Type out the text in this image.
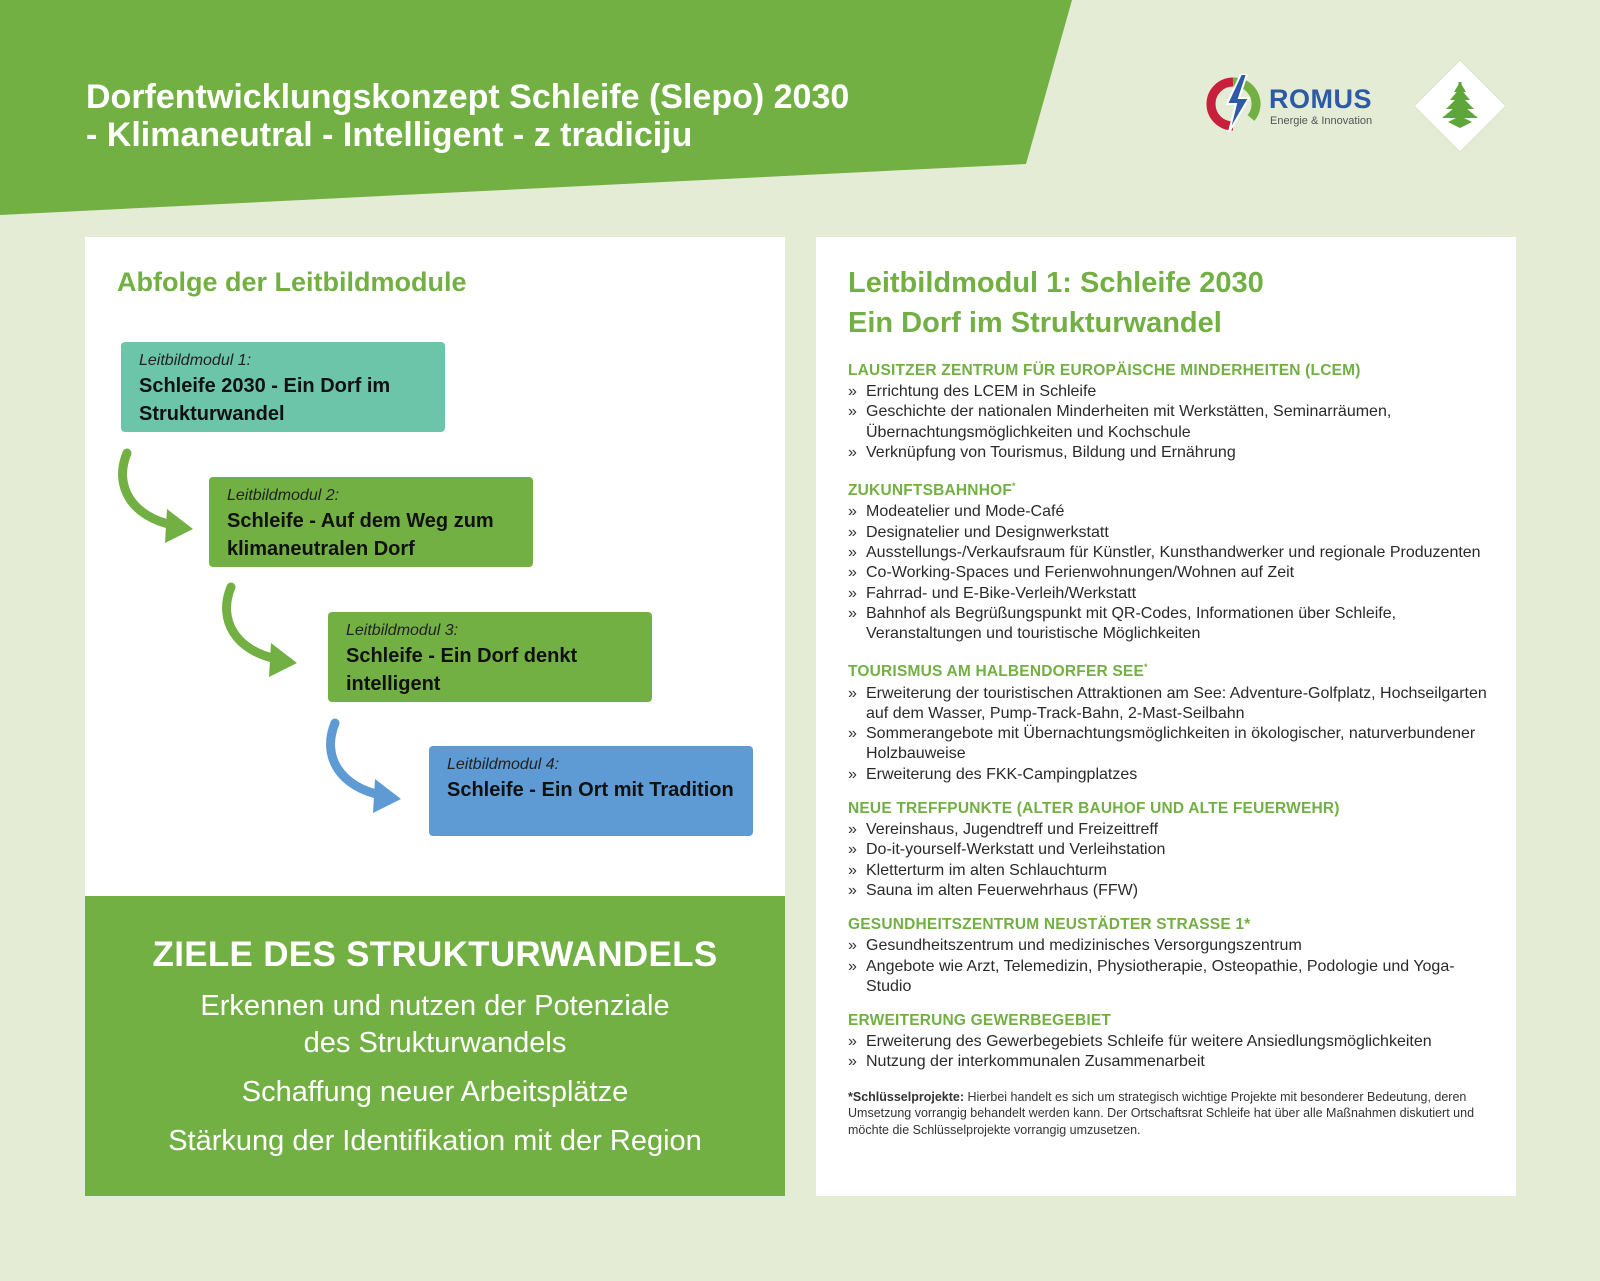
Dorfentwicklungskonzept Schleife (Slepo) 2030
- Klimaneutral - Intelligent - z tradiciju
ROMUS
Energie & Innovation
Abfolge der Leitbildmodule
Leitbildmodul 1:
Schleife 2030 - Ein Dorf im Strukturwandel
Leitbildmodul 2:
Schleife - Auf dem Weg zum klimaneutralen Dorf
Leitbildmodul 3:
Schleife - Ein Dorf denkt intelligent
Leitbildmodul 4:
Schleife - Ein Ort mit Tradition
ZIELE DES STRUKTURWANDELS

Erkennen und nutzen der Potenziale des Strukturwandels

Schaffung neuer Arbeitsplätze

Stärkung der Identifikation mit der Region

Leitbildmodul 1: Schleife 2030
Ein Dorf im Strukturwandel
LAUSITZER ZENTRUM FÜR EUROPÄISCHE MINDERHEITEN (LCEM)
» Errichtung des LCEM in Schleife
» Geschichte der nationalen Minderheiten mit Werkstätten, Seminarräumen, Übernachtungsmöglichkeiten und Kochschule
» Verknüpfung von Tourismus, Bildung und Ernährung
ZUKUNFTSBAHNHOF*
» Modeatelier und Mode-Café
» Designatelier und Designwerkstatt
» Ausstellungs-/Verkaufsraum für Künstler, Kunsthandwerker und regionale Produzenten
» Co-Working-Spaces und Ferienwohnungen/Wohnen auf Zeit
» Fahrrad- und E-Bike-Verleih/Werkstatt
» Bahnhof als Begrüßungspunkt mit QR-Codes, Informationen über Schleife, Veranstaltungen und touristische Möglichkeiten
TOURISMUS AM HALBENDORFER SEE*
» Erweiterung der touristischen Attraktionen am See: Adventure-Golfplatz, Hochseilgarten auf dem Wasser, Pump-Track-Bahn, 2-Mast-Seilbahn
» Sommerangebote mit Übernachtungsmöglichkeiten in ökologischer, naturverbundener Holzbauweise
» Erweiterung des FKK-Campingplatzes
NEUE TREFFPUNKTE (ALTER BAUHOF UND ALTE FEUERWEHR)
» Vereinshaus, Jugendtreff und Freizeittreff
» Do-it-yourself-Werkstatt und Verleihstation
» Kletterturm im alten Schlauchturm
» Sauna im alten Feuerwehrhaus (FFW)
GESUNDHEITSZENTRUM NEUSTÄDTER STRASSE 1*
» Gesundheitszentrum und medizinisches Versorgungszentrum
» Angebote wie Arzt, Telemedizin, Physiotherapie, Osteopathie, Podologie und Yoga-Studio
ERWEITERUNG GEWERBEGEBIET
» Erweiterung des Gewerbegebiets Schleife für weitere Ansiedlungsmöglichkeiten
» Nutzung der interkommunalen Zusammenarbeit
*Schlüsselprojekte: Hierbei handelt es sich um strategisch wichtige Projekte mit besonderer Bedeutung, deren Umsetzung vorrangig behandelt werden kann. Der Ortschaftsrat Schleife hat über alle Maßnahmen diskutiert und möchte die Schlüsselprojekte vorrangig umzusetzen.
